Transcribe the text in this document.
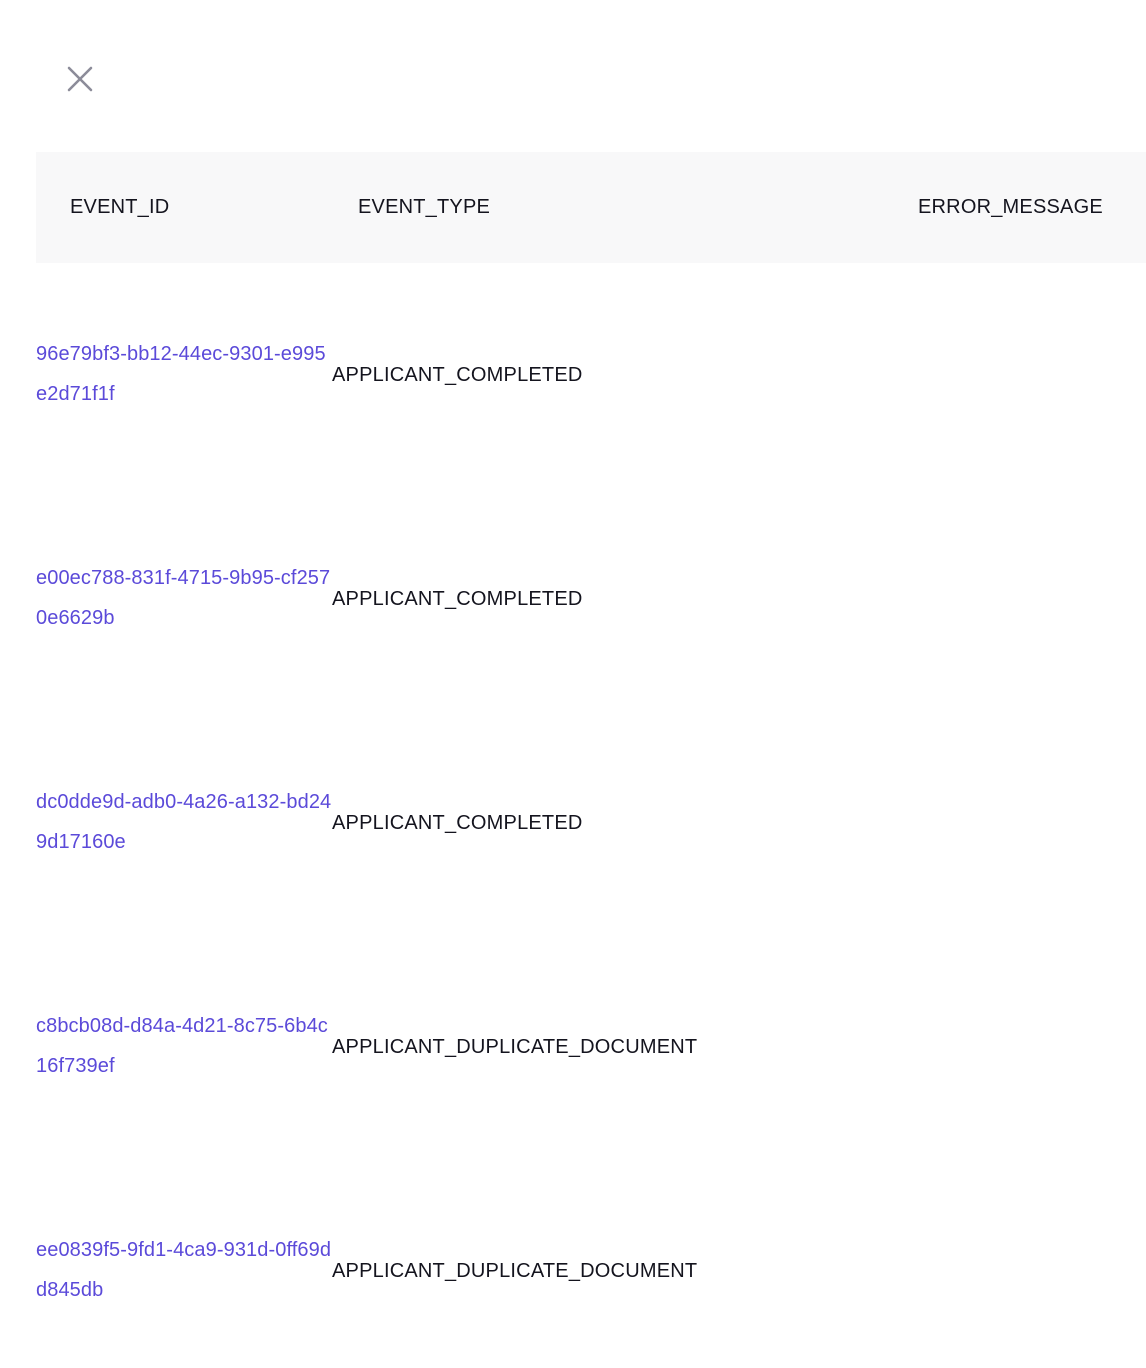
EVENT_ID	EVENT_TYPE	ERROR_MESSAGE
96e79bf3-bb12-44ec-9301-e995e2d71f1f	APPLICANT_COMPLETED	
e00ec788-831f-4715-9b95-cf2570e6629b	APPLICANT_COMPLETED	
dc0dde9d-adb0-4a26-a132-bd249d17160e	APPLICANT_COMPLETED	
c8bcb08d-d84a-4d21-8c75-6b4c16f739ef	APPLICANT_DUPLICATE_DOCUMENT	
ee0839f5-9fd1-4ca9-931d-0ff69dd845db	APPLICANT_DUPLICATE_DOCUMENT	
